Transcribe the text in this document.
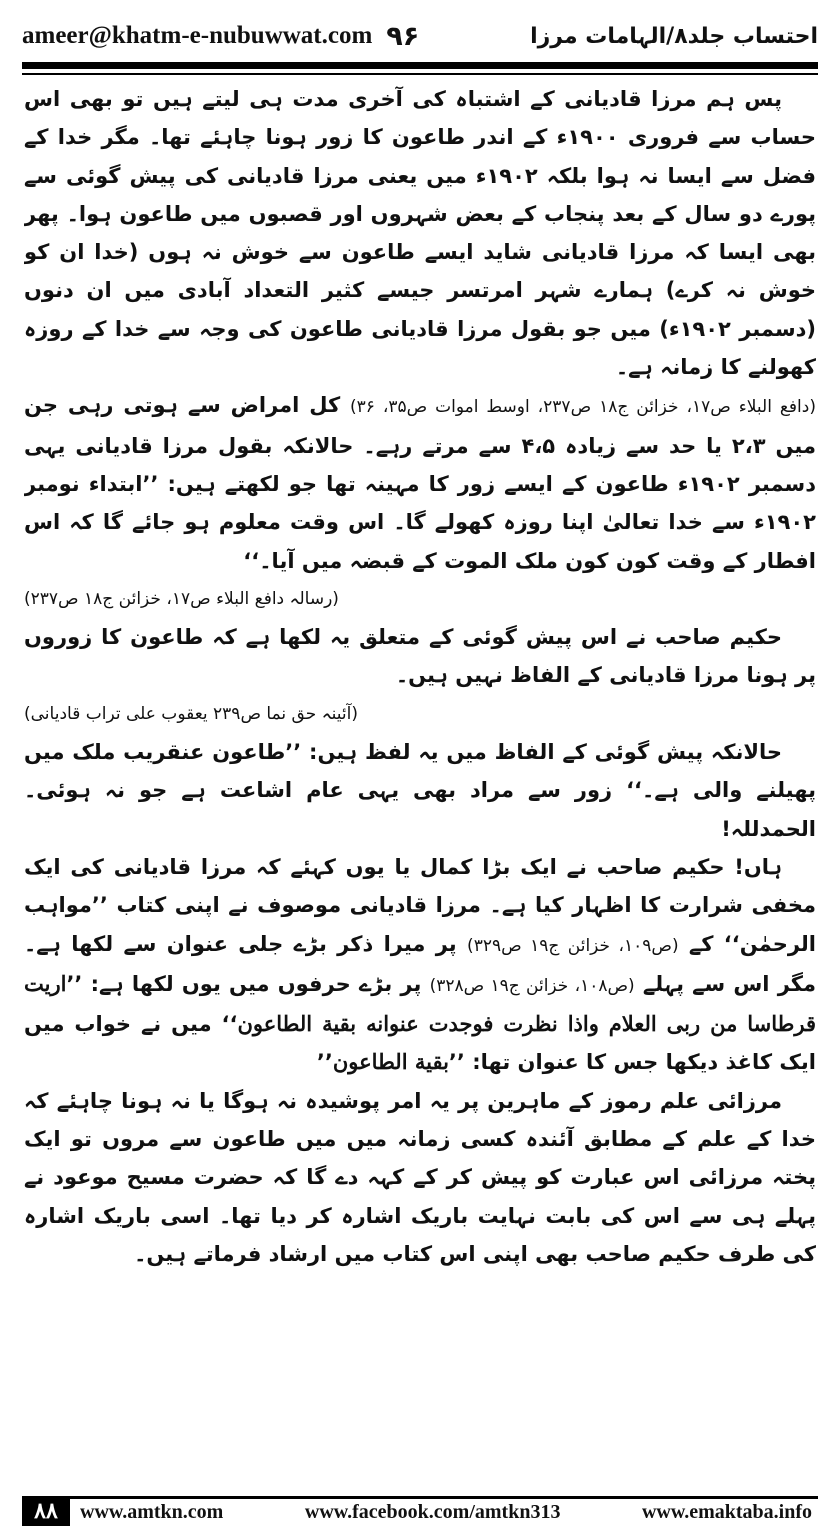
ameer@khatm-e-nubuwwat.com ۹۶	احتساب جلد۸/الہامات مرزا

پس ہم مرزا قادیانی کے اشتباہ کی آخری مدت ہی لیتے ہیں تو بھی اس حساب سے فروری ۱۹۰۰ء کے اندر طاعون کا زور ہونا چاہئے تھا۔ مگر خدا کے فضل سے ایسا نہ ہوا بلکہ ۱۹۰۲ء میں یعنی مرزا قادیانی کی پیش گوئی سے پورے دو سال کے بعد پنجاب کے بعض شہروں اور قصبوں میں طاعون ہوا۔ پھر بھی ایسا کہ مرزا قادیانی شاید ایسے طاعون سے خوش نہ ہوں (خدا ان کو خوش نہ کرے) ہمارے شہر امرتسر جیسے کثیر التعداد آبادی میں ان دنوں (دسمبر ۱۹۰۲ء) میں جو بقول مرزا قادیانی طاعون کی وجہ سے خدا کے روزہ کھولنے کا زمانہ ہے۔

(دافع البلاء ص۱۷، خزائن ج۱۸ ص۲۳۷، اوسط اموات ص۳۵، ۳۶) کل امراض سے ہوتی رہی جن میں ۲،۳ یا حد سے زیادہ ۴،۵ سے مرتے رہے۔ حالانکہ بقول مرزا قادیانی یہی دسمبر ۱۹۰۲ء طاعون کے ایسے زور کا مہینہ تھا جو لکھتے ہیں: ’’ابتداء نومبر ۱۹۰۲ء سے خدا تعالیٰ اپنا روزہ کھولے گا۔ اس وقت معلوم ہو جائے گا کہ اس افطار کے وقت کون کون ملک الموت کے قبضہ میں آیا۔‘‘

(رسالہ دافع البلاء ص۱۷، خزائن ج۱۸ ص۲۳۷)

حکیم صاحب نے اس پیش گوئی کے متعلق یہ لکھا ہے کہ طاعون کا زوروں پر ہونا مرزا قادیانی کے الفاظ نہیں ہیں۔

(آئینہ حق نما ص۲۳۹ یعقوب علی تراب قادیانی)

حالانکہ پیش گوئی کے الفاظ میں یہ لفظ ہیں: ’’طاعون عنقریب ملک میں پھیلنے والی ہے۔‘‘ زور سے مراد بھی یہی عام اشاعت ہے جو نہ ہوئی۔ الحمدللہ!

ہاں! حکیم صاحب نے ایک بڑا کمال یا یوں کہئے کہ مرزا قادیانی کی ایک مخفی شرارت کا اظہار کیا ہے۔ مرزا قادیانی موصوف نے اپنی کتاب ’’مواہب الرحمٰن‘‘ کے (ص۱۰۹، خزائن ج۱۹ ص۳۲۹) پر میرا ذکر بڑے جلی عنوان سے لکھا ہے۔ مگر اس سے پہلے (ص۱۰۸، خزائن ج۱۹ ص۳۲۸) پر بڑے حرفوں میں یوں لکھا ہے: ’’اریت قرطاسا من ربی العلام واذا نظرت فوجدت عنوانه بقیة الطاعون‘‘ میں نے خواب میں ایک کاغذ دیکھا جس کا عنوان تھا: ’’بقیة الطاعون’’

مرزائی علم رموز کے ماہرین پر یہ امر پوشیدہ نہ ہوگا یا نہ ہونا چاہئے کہ خدا کے علم کے مطابق آئندہ کسی زمانہ میں میں طاعون سے مروں تو ایک پختہ مرزائی اس عبارت کو پیش کر کے کہہ دے گا کہ حضرت مسیح موعود نے پہلے ہی سے اس کی بابت نہایت باریک اشارہ کر دیا تھا۔ اسی باریک اشارہ کی طرف حکیم صاحب بھی اپنی اس کتاب میں ارشاد فرماتے ہیں۔

۸۸	www.amtkn.com	www.facebook.com/amtkn313	www.emaktaba.info
